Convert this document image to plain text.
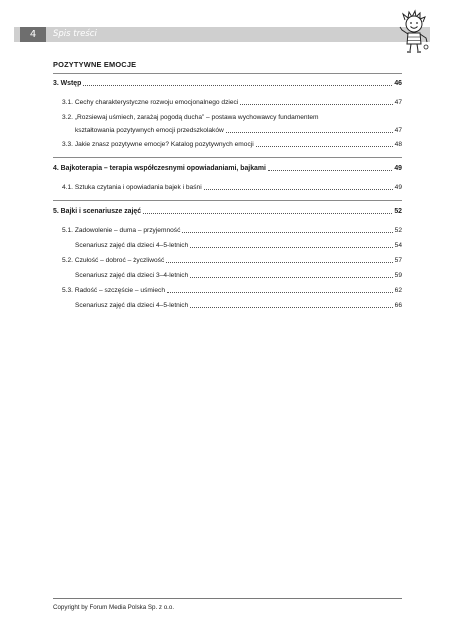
4	Spis treści
POZYTYWNE EMOCJE
3. Wstęp	46
3.1. Cechy charakterystyczne rozwoju emocjonalnego dzieci	47
3.2. „Rozsiewaj uśmiech, zarażaj pogodą ducha” – postawa wychowawcy fundamentem
kształtowania pozytywnych emocji przedszkolaków	47
3.3. Jakie znasz pozytywne emocje? Katalog pozytywnych emocji	48
4. Bajkoterapia – terapia współczesnymi opowiadaniami, bajkami	49
4.1. Sztuka czytania i opowiadania bajek i baśni	49
5. Bajki i scenariusze zajęć	52
5.1. Zadowolenie – duma – przyjemność	52
Scenariusz zajęć dla dzieci 4–5-letnich	54
5.2. Czułość – dobroć – życzliwość	57
Scenariusz zajęć dla dzieci 3–4-letnich	59
5.3. Radość – szczęście – uśmiech	62
Scenariusz zajęć dla dzieci 4–5-letnich	66
Copyright by Forum Media Polska Sp. z o.o.
